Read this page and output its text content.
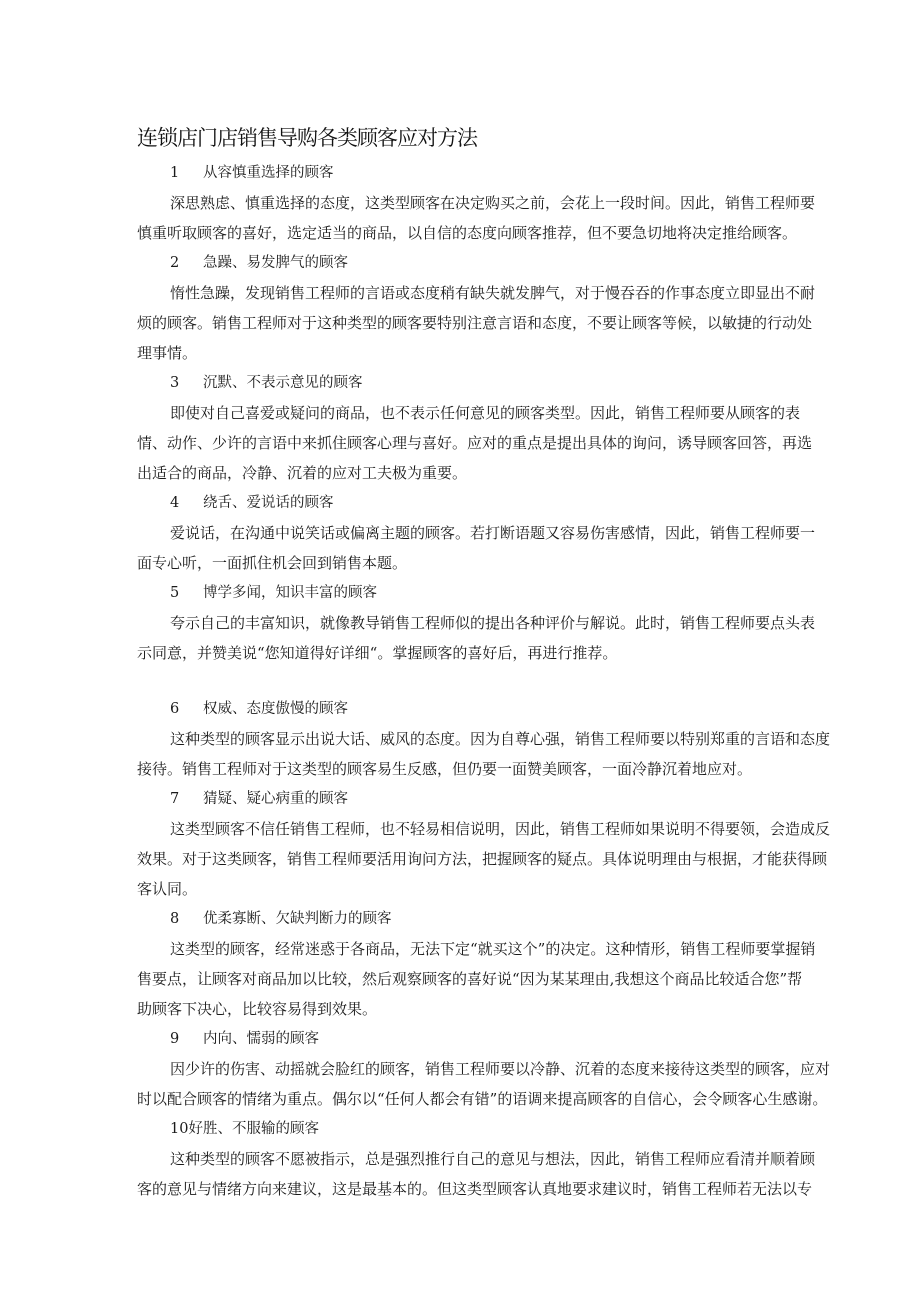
连锁店门店销售导购各类顾客应对方法
1 从容慎重选择的顾客
深思熟虑、慎重选择的态度，这类型顾客在决定购买之前，会花上一段时间。因此，销售工程师要
慎重听取顾客的喜好，选定适当的商品，以自信的态度向顾客推荐，但不要急切地将决定推给顾客。
2 急躁、易发脾气的顾客
惰性急躁，发现销售工程师的言语或态度稍有缺失就发脾气，对于慢吞吞的作事态度立即显出不耐
烦的顾客。销售工程师对于这种类型的顾客要特别注意言语和态度，不要让顾客等候，以敏捷的行动处
理事情。
3 沉默、不表示意见的顾客
即使对自己喜爱或疑问的商品，也不表示任何意见的顾客类型。因此，销售工程师要从顾客的表
情、动作、少许的言语中来抓住顾客心理与喜好。应对的重点是提出具体的询问，诱导顾客回答，再选
出适合的商品，冷静、沉着的应对工夫极为重要。
4 绕舌、爱说话的顾客
爱说话，在沟通中说笑话或偏离主题的顾客。若打断语题又容易伤害感情，因此，销售工程师要一
面专心听，一面抓住机会回到销售本题。
5 博学多闻，知识丰富的顾客
夸示自己的丰富知识，就像教导销售工程师似的提出各种评价与解说。此时，销售工程师要点头表
示同意，并赞美说“您知道得好详细“。掌握顾客的喜好后，再进行推荐。
6 权威、态度傲慢的顾客
这种类型的顾客显示出说大话、威风的态度。因为自尊心强，销售工程师要以特别郑重的言语和态度
接待。销售工程师对于这类型的顾客易生反感，但仍要一面赞美顾客，一面冷静沉着地应对。
7 猜疑、疑心病重的顾客
这类型顾客不信任销售工程师，也不轻易相信说明，因此，销售工程师如果说明不得要领，会造成反
效果。对于这类顾客，销售工程师要活用询问方法，把握顾客的疑点。具体说明理由与根据，才能获得顾
客认同。
8 优柔寡断、欠缺判断力的顾客
这类型的顾客，经常迷惑于各商品，无法下定“就买这个”的决定。这种情形，销售工程师要掌握销
售要点，让顾客对商品加以比较，然后观察顾客的喜好说“因为某某理由,我想这个商品比较适合您”帮
助顾客下决心，比较容易得到效果。
9 内向、懦弱的顾客
因少许的伤害、动摇就会脸红的顾客，销售工程师要以冷静、沉着的态度来接待这类型的顾客，应对
时以配合顾客的情绪为重点。偶尔以“任何人都会有错”的语调来提高顾客的自信心，会令顾客心生感谢。
10好胜、不服输的顾客
这种类型的顾客不愿被指示，总是强烈推行自己的意见与想法，因此，销售工程师应看清并顺着顾
客的意见与情绪方向来建议，这是最基本的。但这类型顾客认真地要求建议时，销售工程师若无法以专
